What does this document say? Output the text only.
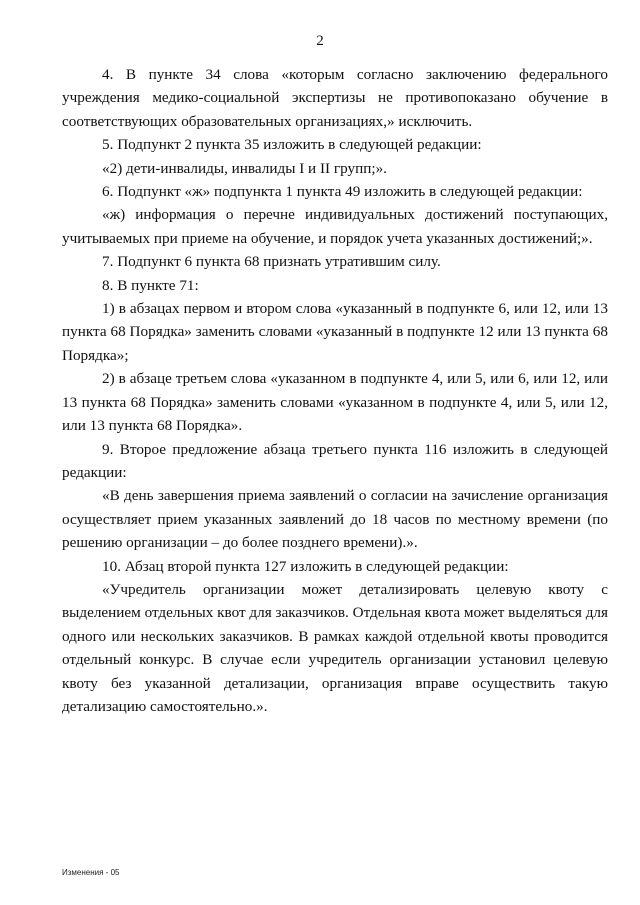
2

4. В пункте 34 слова «которым согласно заключению федерального учреждения медико-социальной экспертизы не противопоказано обучение в соответствующих образовательных организациях,» исключить.

5. Подпункт 2 пункта 35 изложить в следующей редакции:

«2) дети-инвалиды, инвалиды I и II групп;».

6. Подпункт «ж» подпункта 1 пункта 49 изложить в следующей редакции:

«ж) информация о перечне индивидуальных достижений поступающих, учитываемых при приеме на обучение, и порядок учета указанных достижений;».

7. Подпункт 6 пункта 68 признать утратившим силу.

8. В пункте 71:

1) в абзацах первом и втором слова «указанный в подпункте 6, или 12, или 13 пункта 68 Порядка» заменить словами «указанный в подпункте 12 или 13 пункта 68 Порядка»;

2) в абзаце третьем слова «указанном в подпункте 4, или 5, или 6, или 12, или 13 пункта 68 Порядка» заменить словами «указанном в подпункте 4, или 5, или 12, или 13 пункта 68 Порядка».

9. Второе предложение абзаца третьего пункта 116 изложить в следующей редакции:

«В день завершения приема заявлений о согласии на зачисление организация осуществляет прием указанных заявлений до 18 часов по местному времени (по решению организации – до более позднего времени).».

10. Абзац второй пункта 127 изложить в следующей редакции:

«Учредитель организации может детализировать целевую квоту с выделением отдельных квот для заказчиков. Отдельная квота может выделяться для одного или нескольких заказчиков. В рамках каждой отдельной квоты проводится отдельный конкурс. В случае если учредитель организации установил целевую квоту без указанной детализации, организация вправе осуществить такую детализацию самостоятельно.».

Изменения - 05
